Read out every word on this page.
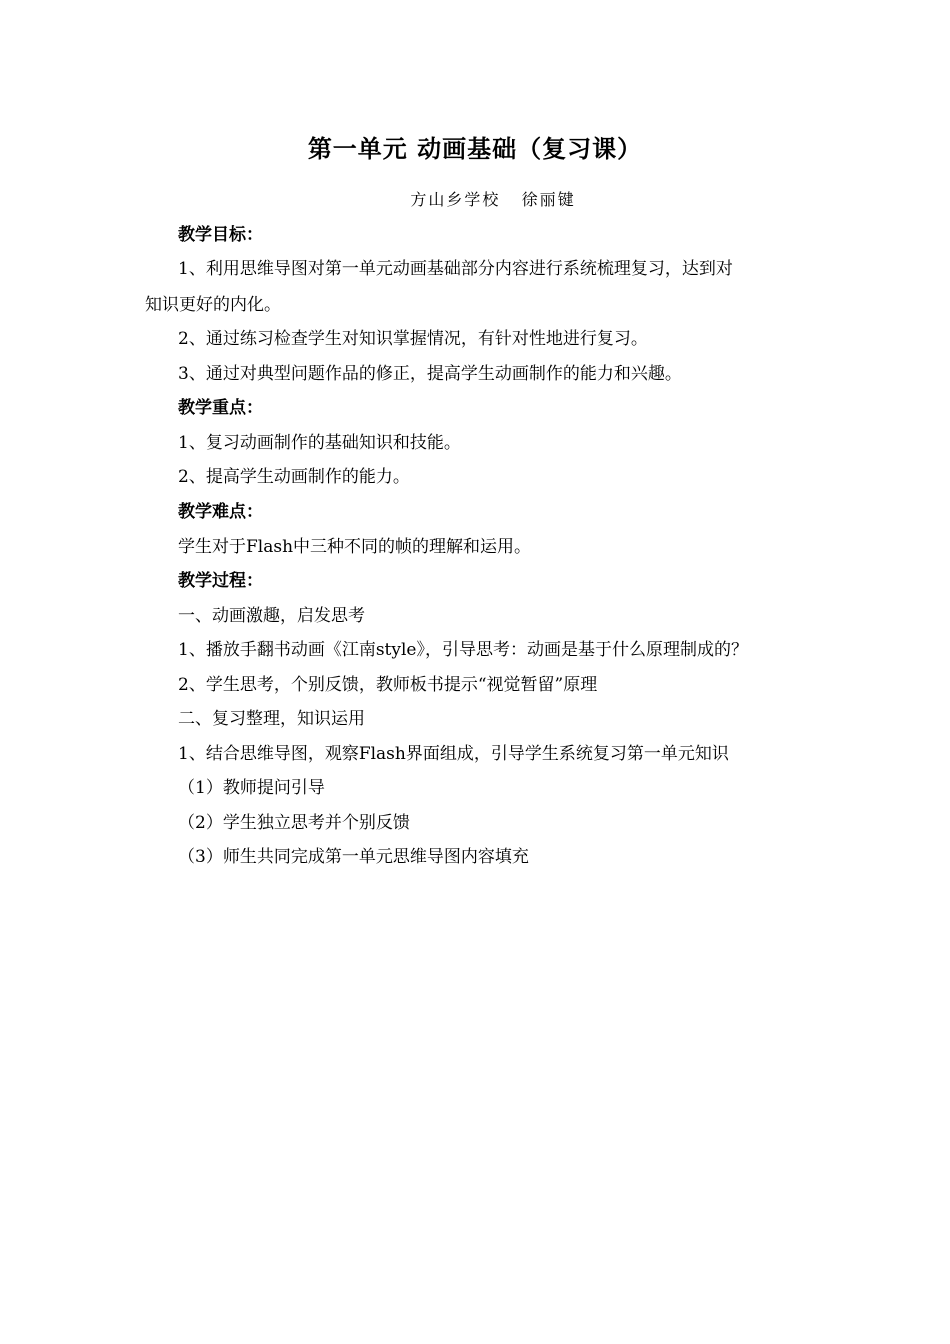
第一单元 动画基础（复习课）
方山乡学校   徐丽键
教学目标：
1、利用思维导图对第一单元动画基础部分内容进行系统梳理复习，达到对
知识更好的内化。
2、通过练习检查学生对知识掌握情况，有针对性地进行复习。
3、通过对典型问题作品的修正，提高学生动画制作的能力和兴趣。
教学重点：
1、复习动画制作的基础知识和技能。
2、提高学生动画制作的能力。
教学难点：
学生对于Flash中三种不同的帧的理解和运用。
教学过程：
一、动画激趣，启发思考
1、播放手翻书动画《江南style》，引导思考：动画是基于什么原理制成的？
2、学生思考，个别反馈，教师板书提示“视觉暂留”原理
二、复习整理，知识运用
1、结合思维导图，观察Flash界面组成，引导学生系统复习第一单元知识
（1）教师提问引导
（2）学生独立思考并个别反馈
（3）师生共同完成第一单元思维导图内容填充
